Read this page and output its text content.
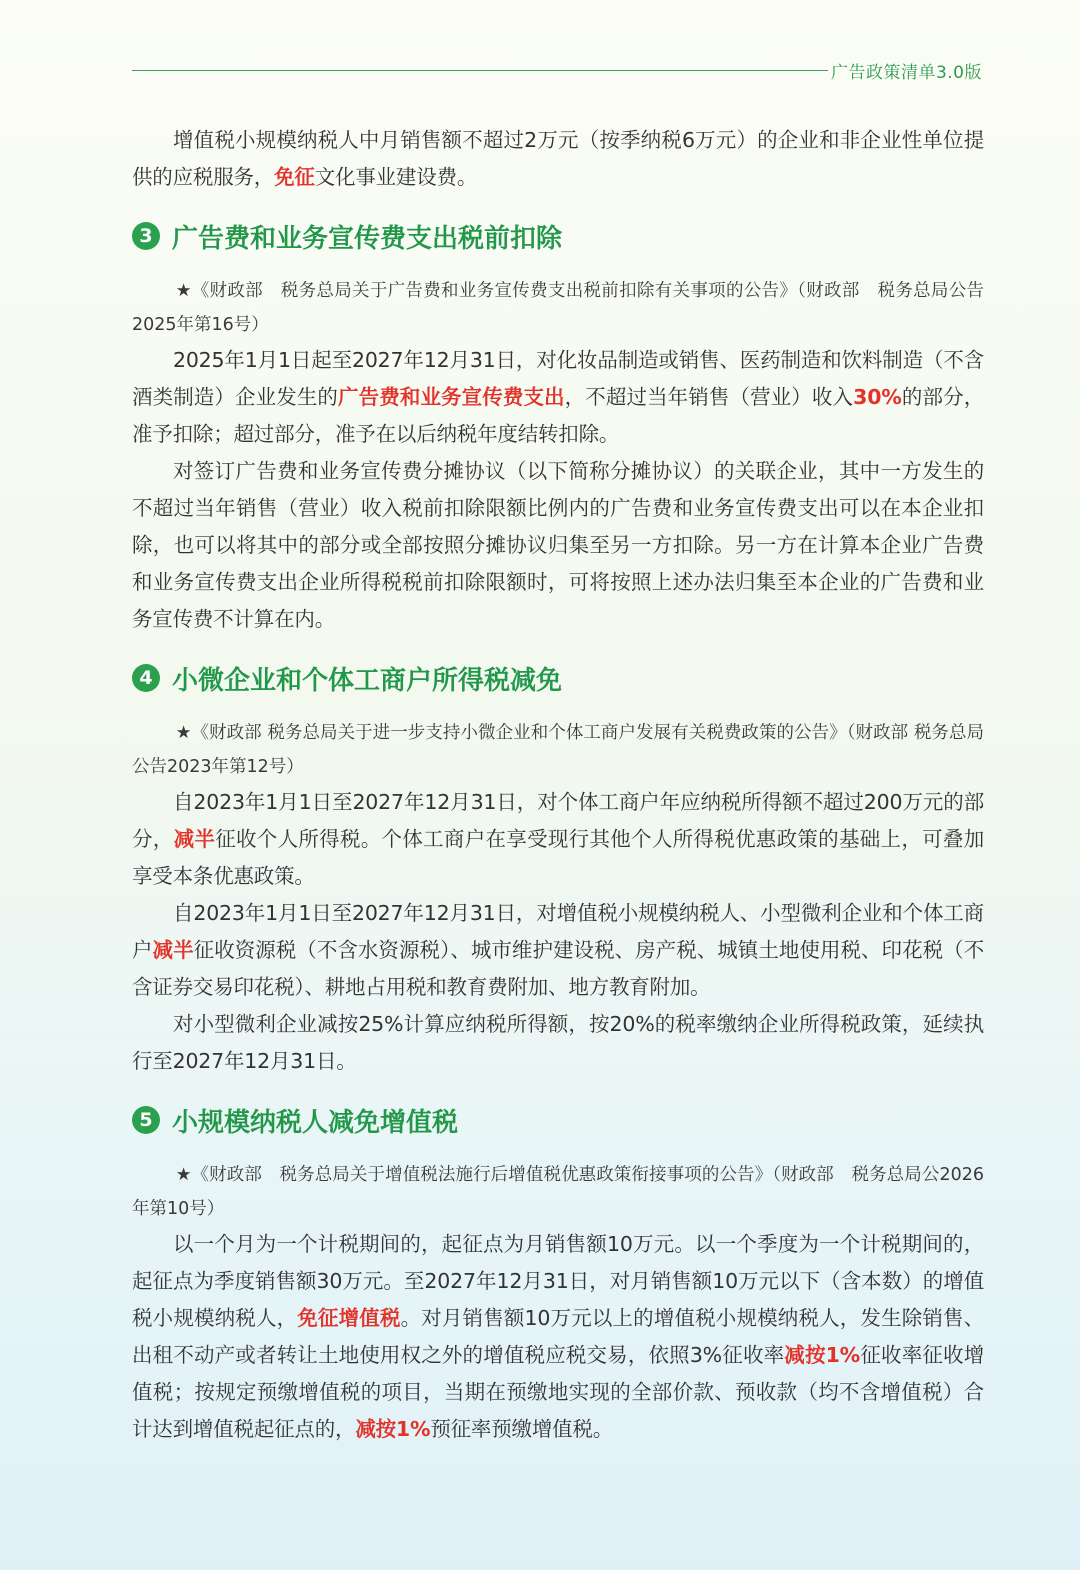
广告政策清单3.0版

增值税小规模纳税人中月销售额不超过2万元（按季纳税6万元）的企业和非企业性单位提供的应税服务，免征文化事业建设费。

3 广告费和业务宣传费支出税前扣除

★《财政部　税务总局关于广告费和业务宣传费支出税前扣除有关事项的公告》（财政部　税务总局公告2025年第16号）

2025年1月1日起至2027年12月31日，对化妆品制造或销售、医药制造和饮料制造（不含酒类制造）企业发生的广告费和业务宣传费支出，不超过当年销售（营业）收入30%的部分，准予扣除；超过部分，准予在以后纳税年度结转扣除。

对签订广告费和业务宣传费分摊协议（以下简称分摊协议）的关联企业，其中一方发生的不超过当年销售（营业）收入税前扣除限额比例内的广告费和业务宣传费支出可以在本企业扣除，也可以将其中的部分或全部按照分摊协议归集至另一方扣除。另一方在计算本企业广告费和业务宣传费支出企业所得税税前扣除限额时，可将按照上述办法归集至本企业的广告费和业务宣传费不计算在内。

4 小微企业和个体工商户所得税减免

★《财政部 税务总局关于进一步支持小微企业和个体工商户发展有关税费政策的公告》（财政部 税务总局公告2023年第12号）

自2023年1月1日至2027年12月31日，对个体工商户年应纳税所得额不超过200万元的部分，减半征收个人所得税。个体工商户在享受现行其他个人所得税优惠政策的基础上，可叠加享受本条优惠政策。

自2023年1月1日至2027年12月31日，对增值税小规模纳税人、小型微利企业和个体工商户减半征收资源税（不含水资源税）、城市维护建设税、房产税、城镇土地使用税、印花税（不含证券交易印花税）、耕地占用税和教育费附加、地方教育附加。

对小型微利企业减按25%计算应纳税所得额，按20%的税率缴纳企业所得税政策，延续执行至2027年12月31日。

5 小规模纳税人减免增值税

★《财政部　税务总局关于增值税法施行后增值税优惠政策衔接事项的公告》（财政部　税务总局公2026年第10号）

以一个月为一个计税期间的，起征点为月销售额10万元。以一个季度为一个计税期间的，起征点为季度销售额30万元。至2027年12月31日，对月销售额10万元以下（含本数）的增值税小规模纳税人，免征增值税。对月销售额10万元以上的增值税小规模纳税人，发生除销售、出租不动产或者转让土地使用权之外的增值税应税交易，依照3%征收率减按1%征收率征收增值税；按规定预缴增值税的项目，当期在预缴地实现的全部价款、预收款（均不含增值税）合计达到增值税起征点的，减按1%预征率预缴增值税。
